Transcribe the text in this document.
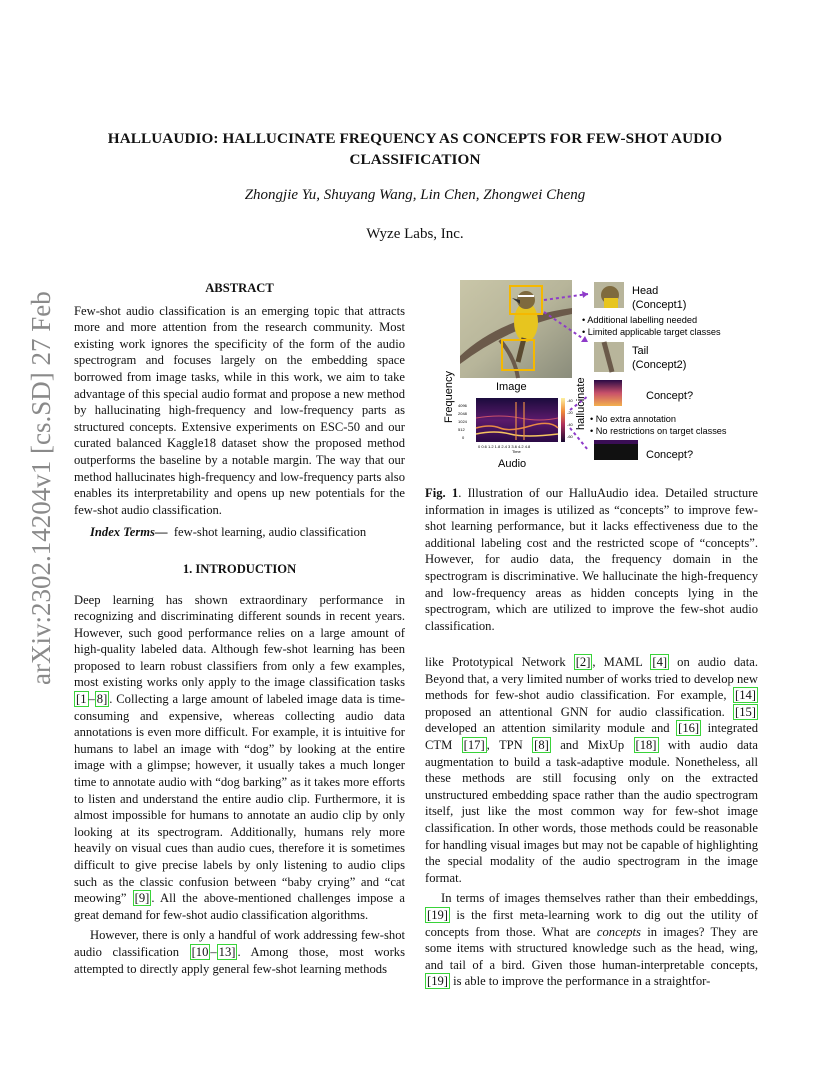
arXiv:2302.14204v1 [cs.SD] 27 Feb 2023
HALLUAUDIO: HALLUCINATE FREQUENCY AS CONCEPTS FOR FEW-SHOT AUDIO
CLASSIFICATION
Zhongjie Yu, Shuyang Wang, Lin Chen, Zhongwei Cheng
Wyze Labs, Inc.

ABSTRACT

Few-shot audio classification is an emerging topic that attracts more and more attention from the research community. Most existing work ignores the specificity of the form of the audio spectrogram and focuses largely on the embedding space borrowed from image tasks, while in this work, we aim to take advantage of this special audio format and propose a new method by hallucinating high-frequency and low-frequency parts as structured concepts. Extensive experiments on ESC-50 and our curated balanced Kaggle18 dataset show the proposed method outperforms the baseline by a notable margin. The way that our method hallucinates high-frequency and low-frequency parts also enables its interpretability and opens up new potentials for the few-shot audio classification.

Index Terms— few-shot learning, audio classification

1. INTRODUCTION

Deep learning has shown extraordinary performance in recognizing and discriminating different sounds in recent years. However, such good performance relies on a large amount of high-quality labeled data. Although few-shot learning has been proposed to learn robust classifiers from only a few examples, most existing works only apply to the image classification tasks [1 – 8] . Collecting a large amount of labeled image data is time-consuming and expensive, whereas collecting audio data annotations is even more difficult. For example, it is intuitive for humans to label an image with “dog” by looking at the entire image with a glimpse; however, it usually takes a much longer time to annotate audio with “dog barking” as it takes more efforts to listen and understand the entire audio clip. Furthermore, it is almost impossible for humans to annotate an audio clip by only looking at its spectrogram. Additionally, humans rely more heavily on visual cues than audio cues, therefore it is sometimes difficult to give precise labels by only listening to audio clips such as the classic confusion between “baby crying” and “cat meowing” [9] . All the above-mentioned challenges impose a great demand for few-shot audio classification algorithms.

However, there is only a handful of work addressing few-shot audio classification [10 – 13] . Among those, most works attempted to directly apply general few-shot learning methods

Head
(Concept1)
• Additional labelling needed
• Limited applicable target classes
Tail
(Concept2)
Image
Frequency 4096
2048
1024
512
0
-40
-20
-40
-60
0 0.6 1.2 1.8 2.4 3 3.6 4.2 4.8
Time
Audio
hallucinate	Concept?
• No extra annotation
• No restrictions on target classes
Concept?
Fig. 1. Illustration of our HalluAudio idea. Detailed structure information in images is utilized as “concepts” to improve few-shot learning performance, but it lacks effectiveness due to the additional labeling cost and the restricted scope of “concepts”. However, for audio data, the frequency domain in the spectrogram is discriminative. We hallucinate the high-frequency and low-frequency areas as hidden concepts lying in the spectrogram, which are utilized to improve the few-shot audio classification.

like Prototypical Network [2] , MAML [4] on audio data. Beyond that, a very limited number of works tried to develop new methods for few-shot audio classification. For example, [14] proposed an attentional GNN for audio classification. [15] developed an attention similarity module and [16] integrated CTM [17] , TPN [8] and MixUp [18] with audio data augmentation to build a task-adaptive module. Nonetheless, all these methods are still focusing only on the extracted unstructured embedding space rather than the audio spectrogram itself, just like the most common way for few-shot image classification. In other words, those methods could be reasonable for handling visual images but may not be capable of highlighting the special modality of the audio spectrogram in the image format.

In terms of images themselves rather than their embeddings, [19] is the first meta-learning work to dig out the utility of concepts from those. What are concepts in images? They are some items with structured knowledge such as the head, wing, and tail of a bird. Given those human-interpretable concepts, [19] is able to improve the performance in a straightfor-
